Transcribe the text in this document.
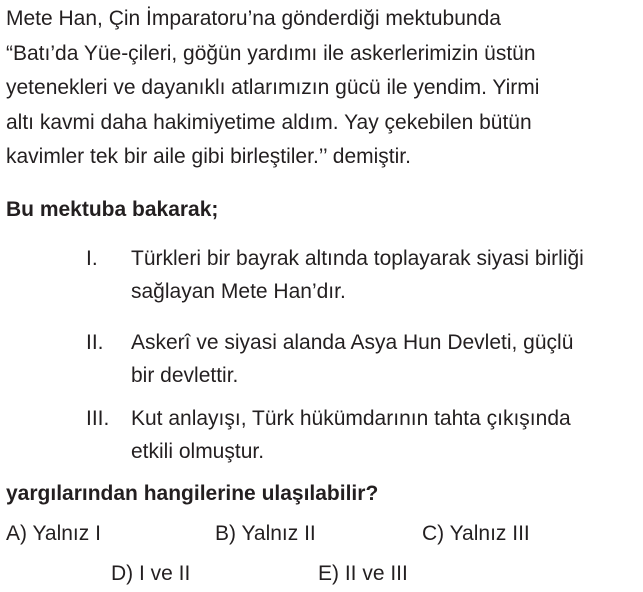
Mete Han, Çin İmparatoru’na gönderdiği mektubunda
“Batı’da Yüe-çileri, göğün yardımı ile askerlerimizin üstün
yetenekleri ve dayanıklı atlarımızın gücü ile yendim. Yirmi
altı kavmi daha hakimiyetime aldım. Yay çekebilen bütün
kavimler tek bir aile gibi birleştiler.’’ demiştir.
Bu mektuba bakarak;
I. Türkleri bir bayrak altında toplayarak siyasi birliği
sağlayan Mete Han’dır.
II. Askerî ve siyasi alanda Asya Hun Devleti, güçlü
bir devlettir.
III. Kut anlayışı, Türk hükümdarının tahta çıkışında
etkili olmuştur.
yargılarından hangilerine ulaşılabilir?
A) Yalnız I	B) Yalnız II	C) Yalnız III
D) I ve II	E) II ve III
